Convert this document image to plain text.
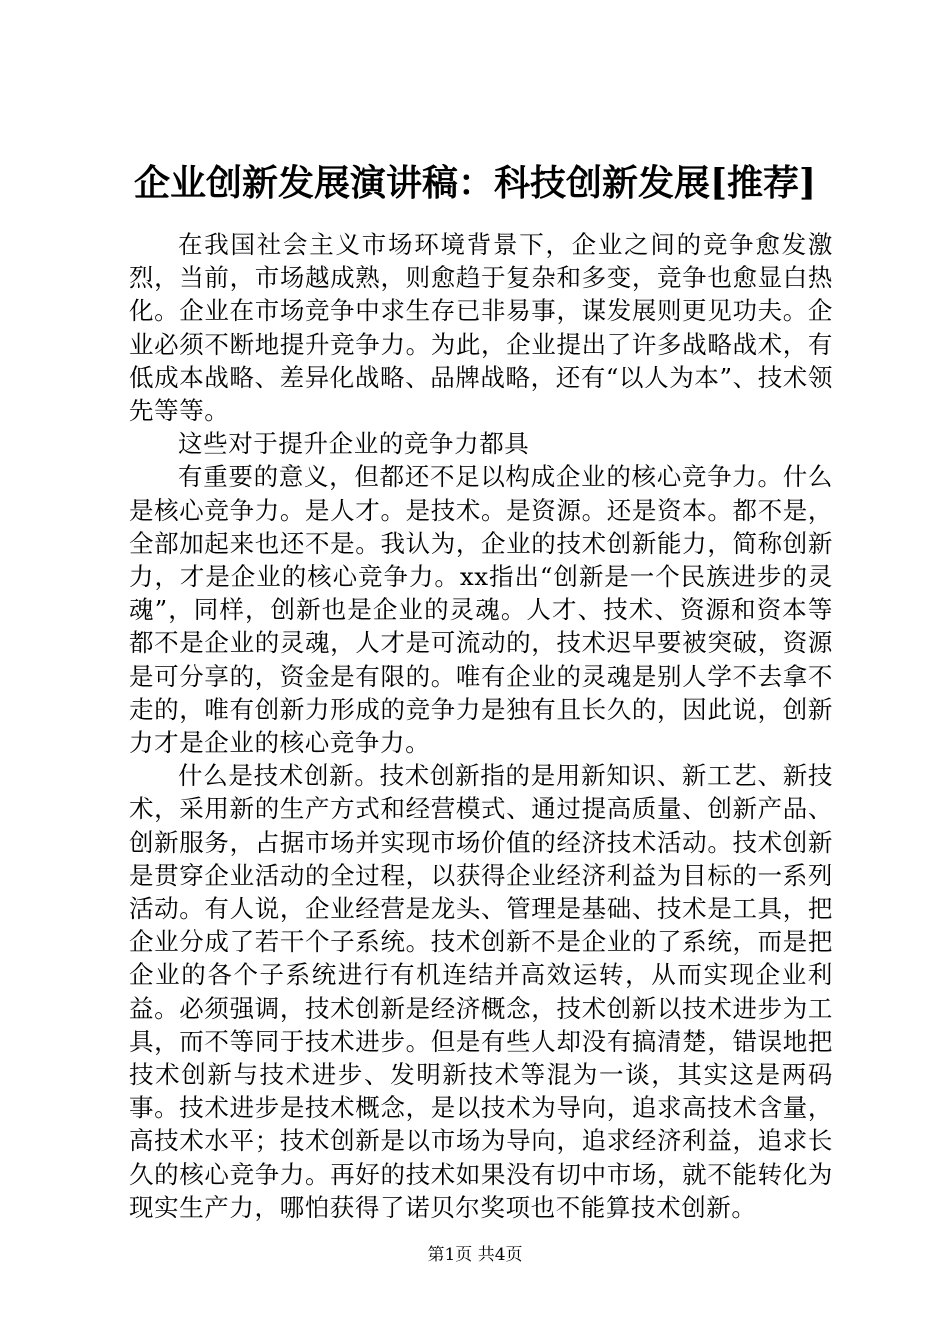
企业创新发展演讲稿：科技创新发展[推荐]

在我国社会主义市场环境背景下，企业之间的竞争愈发激烈，当前，市场越成熟，则愈趋于复杂和多变，竞争也愈显白热化。企业在市场竞争中求生存已非易事，谋发展则更见功夫。企业必须不断地提升竞争力。为此，企业提出了许多战略战术，有低成本战略、差异化战略、品牌战略，还有“以人为本”、技术领先等等。

这些对于提升企业的竞争力都具

有重要的意义，但都还不足以构成企业的核心竞争力。什么是核心竞争力。是人才。是技术。是资源。还是资本。都不是，全部加起来也还不是。我认为，企业的技术创新能力，简称创新力，才是企业的核心竞争力。xx指出“创新是一个民族进步的灵魂”，同样，创新也是企业的灵魂。人才、技术、资源和资本等都不是企业的灵魂，人才是可流动的，技术迟早要被突破，资源是可分享的，资金是有限的。唯有企业的灵魂是别人学不去拿不走的，唯有创新力形成的竞争力是独有且长久的，因此说，创新力才是企业的核心竞争力。

什么是技术创新。技术创新指的是用新知识、新工艺、新技术，采用新的生产方式和经营模式、通过提高质量、创新产品、创新服务，占据市场并实现市场价值的经济技术活动。技术创新是贯穿企业活动的全过程，以获得企业经济利益为目标的一系列活动。有人说，企业经营是龙头、管理是基础、技术是工具，把企业分成了若干个子系统。技术创新不是企业的了系统，而是把企业的各个子系统进行有机连结并高效运转，从而实现企业利益。必须强调，技术创新是经济概念，技术创新以技术进步为工具，而不等同于技术进步。但是有些人却没有搞清楚，错误地把技术创新与技术进步、发明新技术等混为一谈，其实这是两码事。技术进步是技术概念，是以技术为导向，追求高技术含量，高技术水平；技术创新是以市场为导向，追求经济利益，追求长久的核心竞争力。再好的技术如果没有切中市场，就不能转化为现实生产力，哪怕获得了诺贝尔奖项也不能算技术创新。

第1页 共4页
